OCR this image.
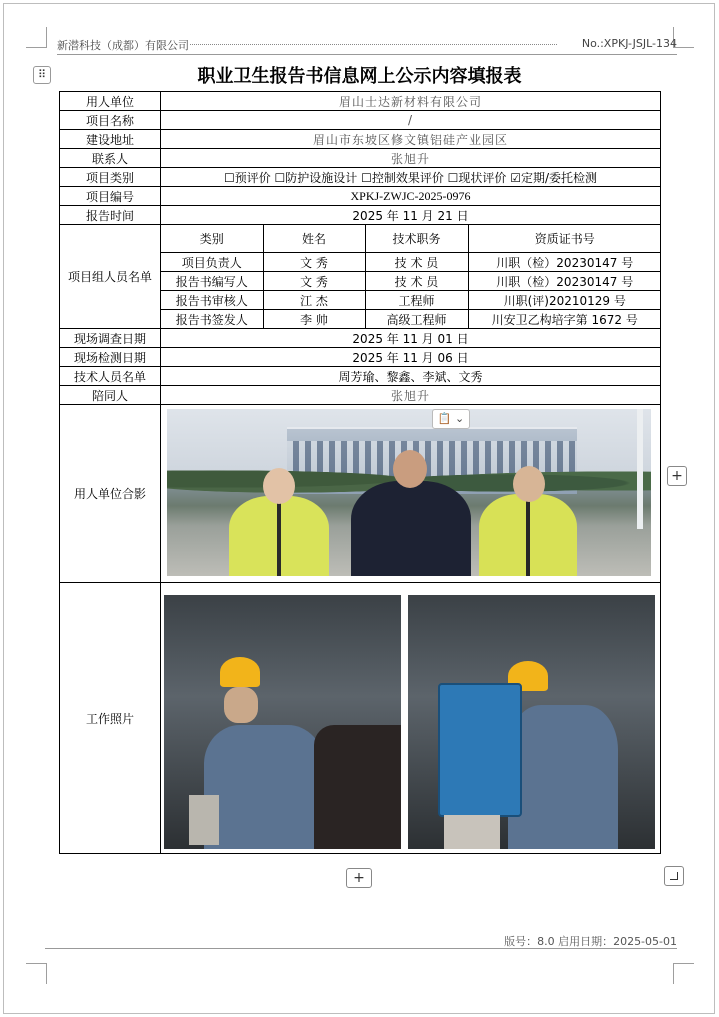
新潜科技（成都）有限公司	No.:XPKJ-JSJL-134
⠿	职业卫生报告书信息网上公示内容填报表
用人单位	眉山士达新材料有限公司
项目名称	/
建设地址	眉山市东坡区修文镇铝硅产业园区
联系人	张旭升
项目类别	☐预评价 ☐防护设施设计 ☐控制效果评价 ☐现状评价 ☑定期/委托检测
项目编号	XPKJ-ZWJC-2025-0976
报告时间	2025 年 11 月 21 日
项目组人员名单	
类别	姓名	技术职务	资质证书号
项目负责人	文 秀	技 术 员	川职（检）20230147 号
报告书编写人	文 秀	技 术 员	川职（检）20230147 号
报告书审核人	江 杰	工程师	川职(评)20210129 号
报告书签发人	李 帅	高级工程师	川安卫乙构培字第 1672 号

现场调查日期	2025 年 11 月 01 日
现场检测日期	2025 年 11 月 06 日
技术人员名单	周芳瑜、黎鑫、李斌、文秀
陪同人	张旭升
用人单位合影	

工作照片	
📋 ⌄
+
+
版号：8.0 启用日期：2025-05-01
